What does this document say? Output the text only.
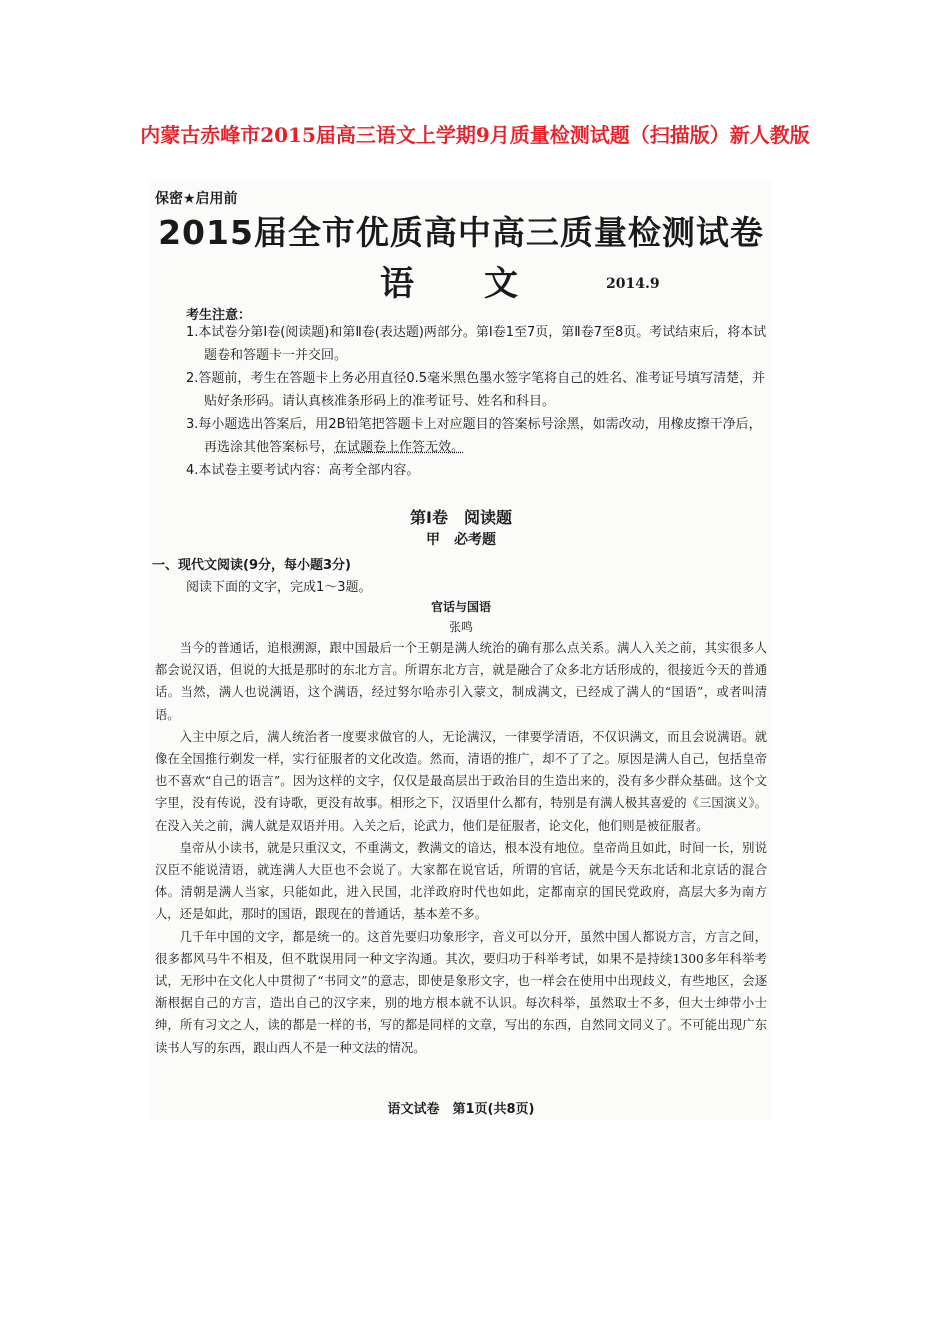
内蒙古赤峰市2015届高三语文上学期9月质量检测试题（扫描版）新人教版
保密★启用前
2015届全市优质高中高三质量检测试卷
语 文	2014.9
考生注意：
1.本试卷分第Ⅰ卷(阅读题)和第Ⅱ卷(表达题)两部分。第Ⅰ卷1至7页，第Ⅱ卷7至8页。考试结束后，将本试题卷和答题卡一并交回。
2.答题前，考生在答题卡上务必用直径0.5毫米黑色墨水签字笔将自己的姓名、准考证号填写清楚，并贴好条形码。请认真核准条形码上的准考证号、姓名和科目。
3.每小题选出答案后，用2B铅笔把答题卡上对应题目的答案标号涂黑，如需改动，用橡皮擦干净后，再选涂其他答案标号，在试题卷上作答无效。
4.本试卷主要考试内容：高考全部内容。
第Ⅰ卷　阅读题
甲　必考题
一、现代文阅读(9分，每小题3分)
阅读下面的文字，完成1～3题。
官话与国语
张鸣

当今的普通话，追根溯源，跟中国最后一个王朝是满人统治的确有那么点关系。满人入关之前，其实很多人都会说汉语，但说的大抵是那时的东北方言。所谓东北方言，就是融合了众多北方话形成的，很接近今天的普通话。当然，满人也说满语，这个满语，经过努尔哈赤引入蒙文，制成满文，已经成了满人的“国语”，或者叫清语。

入主中原之后，满人统治者一度要求做官的人，无论满汉，一律要学清语，不仅识满文，而且会说满语。就像在全国推行剃发一样，实行征服者的文化改造。然而，清语的推广，却不了了之。原因是满人自己，包括皇帝也不喜欢“自己的语言”。因为这样的文字，仅仅是最高层出于政治目的生造出来的，没有多少群众基础。这个文字里，没有传说，没有诗歌，更没有故事。相形之下，汉语里什么都有，特别是有满人极其喜爱的《三国演义》。在没入关之前，满人就是双语并用。入关之后，论武力，他们是征服者，论文化，他们则是被征服者。

皇帝从小读书，就是只重汉文，不重满文，教满文的谙达，根本没有地位。皇帝尚且如此，时间一长，别说汉臣不能说清语，就连满人大臣也不会说了。大家都在说官话，所谓的官话，就是今天东北话和北京话的混合体。清朝是满人当家，只能如此，进入民国，北洋政府时代也如此，定都南京的国民党政府，高层大多为南方人，还是如此，那时的国语，跟现在的普通话，基本差不多。

几千年中国的文字，都是统一的。这首先要归功象形字，音义可以分开，虽然中国人都说方言，方言之间，很多都风马牛不相及，但不耽误用同一种文字沟通。其次，要归功于科举考试，如果不是持续1300多年科举考试，无形中在文化人中贯彻了“书同文”的意志，即使是象形文字，也一样会在使用中出现歧义，有些地区，会逐渐根据自己的方言，造出自己的汉字来，别的地方根本就不认识。每次科举，虽然取士不多，但大士绅带小士绅，所有习文之人，读的都是一样的书，写的都是同样的文章，写出的东西，自然同文同义了。不可能出现广东读书人写的东西，跟山西人不是一种文法的情况。

语文试卷　第1页(共8页)
